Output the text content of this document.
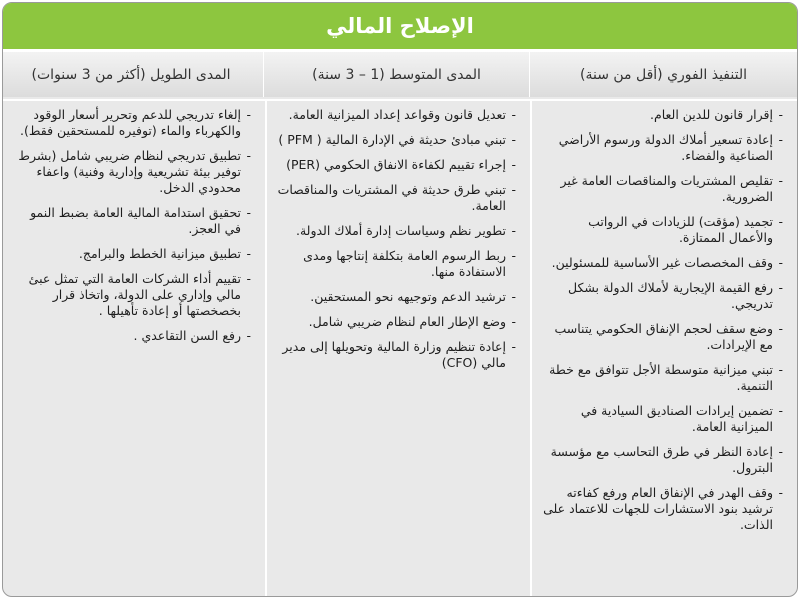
الإصلاح المالي
التنفيذ الفوري (أقل من سنة)
المدى المتوسط (1 – 3 سنة)
المدى الطويل (أكثر من 3 سنوات)
-
إقرار قانون للدين العام.
-
إعادة تسعير أملاك الدولة ورسوم الأراضي الصناعية والفضاء.
-
تقليص المشتريات والمناقصات العامة غير الضرورية.
-
تجميد (مؤقت) للزيادات في الرواتب والأعمال الممتازة.
-
وقف المخصصات غير الأساسية للمسئولين.
-
رفع القيمة الإيجارية لأملاك الدولة بشكل تدريجي.
-
وضع سقف لحجم الإنفاق الحكومي يتناسب مع الإيرادات.
-
تبني ميزانية متوسطة الأجل تتوافق مع خطة التنمية.
-
تضمين إيرادات الصناديق السيادية في الميزانية العامة.
-
إعادة النظر في طرق التحاسب مع مؤسسة البترول.
-
وقف الهدر في الإنفاق العام ورفع كفاءته ترشيد بنود الاستشارات للجهات للاعتماد على الذات.
-
تعديل قانون وقواعد إعداد الميزانية العامة.
-
تبني مبادئ حديثة في الإدارة المالية ( PFM )
-
إجراء تقييم لكفاءة الانفاق الحكومي (PER)
-
تبني طرق حديثة في المشتريات والمناقصات العامة.
-
تطوير نظم وسياسات إدارة أملاك الدولة.
-
ربط الرسوم العامة بتكلفة إنتاجها ومدى الاستفادة منها.
-
ترشيد الدعم وتوجيهه نحو المستحقين.
-
وضع الإطار العام لنظام ضريبي شامل.
-
إعادة تنظيم وزارة المالية وتحويلها إلى مدير مالي (CFO)
-
إلغاء تدريجي للدعم وتحرير أسعار الوقود والكهرباء والماء (توفيره للمستحقين فقط).
-
تطبيق تدريجي لنظام ضريبي شامل (بشرط توفير بيئة تشريعية وإدارية وفنية) واعفاء محدودي الدخل.
-
تحقيق استدامة المالية العامة بضبط النمو في العجز.
-
تطبيق ميزانية الخطط والبرامج.
-
تقييم أداء الشركات العامة التي تمثل عبئ مالي وإداري على الدولة، واتخاذ قرار بخصخصتها أو إعادة تأهيلها .
-
رفع السن التقاعدي .
